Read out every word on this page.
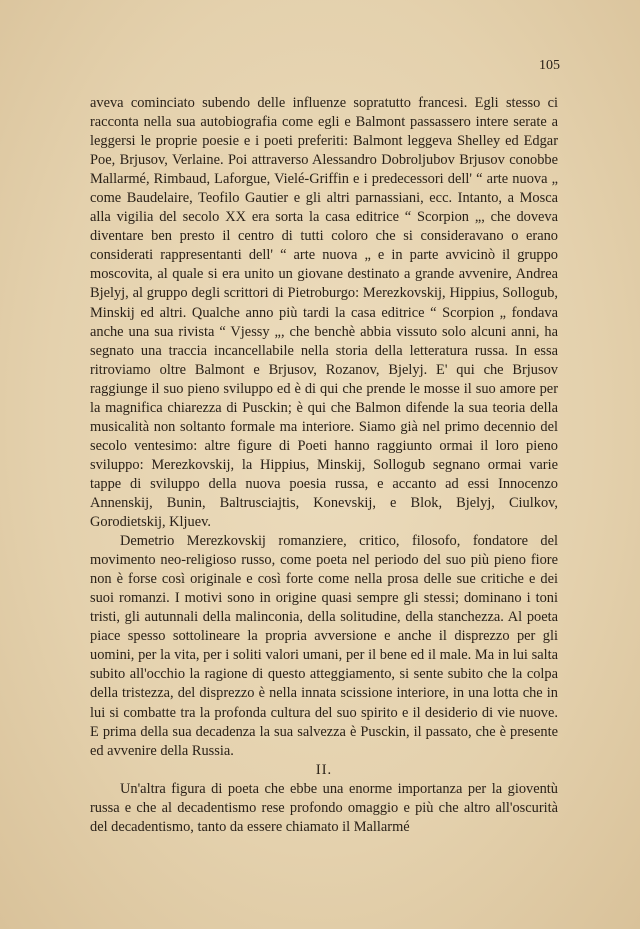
105

aveva cominciato subendo delle influenze sopratutto francesi. Egli stesso ci racconta nella sua autobiografia come egli e Balmont passassero intere serate a leggersi le proprie poesie e i poeti preferiti: Balmont leggeva Shelley ed Edgar Poe, Brjusov, Verlaine. Poi attraverso Alessandro Dobroljubov Brjusov conobbe Mallarmé, Rimbaud, Laforgue, Vielé-Griffin e i predecessori dell' “ arte nuova „ come Baudelaire, Teofilo Gautier e gli altri parnassiani, ecc. Intanto, a Mosca alla vigilia del secolo XX era sorta la casa editrice “ Scorpion „, che doveva diventare ben presto il centro di tutti coloro che si consideravano o erano considerati rappresentanti dell' “ arte nuova „ e in parte avvicinò il gruppo moscovita, al quale si era unito un giovane destinato a grande avvenire, Andrea Bjelyj, al gruppo degli scrittori di Pietroburgo: Merezkovskij, Hippius, Sollogub, Minskij ed altri. Qualche anno più tardi la casa editrice “ Scorpion „ fondava anche una sua rivista “ Vjessy „, che benchè abbia vissuto solo alcuni anni, ha segnato una traccia incancellabile nella storia della letteratura russa. In essa ritroviamo oltre Balmont e Brjusov, Rozanov, Bjelyj. E' qui che Brjusov raggiunge il suo pieno sviluppo ed è di qui che prende le mosse il suo amore per la magnifica chiarezza di Pusckin; è qui che Balmon difende la sua teoria della musicalità non soltanto formale ma interiore. Siamo già nel primo decennio del secolo ventesimo: altre figure di Poeti hanno raggiunto ormai il loro pieno sviluppo: Merezkovskij, la Hippius, Minskij, Sollogub segnano ormai varie tappe di sviluppo della nuova poesia russa, e accanto ad essi Innocenzo Annenskij, Bunin, Baltrusciajtis, Konevskij, e Blok, Bjelyj, Ciulkov, Gorodietskij, Kljuev.

Demetrio Merezkovskij romanziere, critico, filosofo, fondatore del movimento neo-religioso russo, come poeta nel periodo del suo più pieno fiore non è forse così originale e così forte come nella prosa delle sue critiche e dei suoi romanzi. I motivi sono in origine quasi sempre gli stessi; dominano i toni tristi, gli autunnali della malinconia, della solitudine, della stanchezza. Al poeta piace spesso sottolineare la propria avversione e anche il disprezzo per gli uomini, per la vita, per i soliti valori umani, per il bene ed il male. Ma in lui salta subito all'occhio la ragione di questo atteggiamento, si sente subito che la colpa della tristezza, del disprezzo è nella innata scissione interiore, in una lotta che in lui si combatte tra la profonda cultura del suo spirito e il desiderio di vie nuove. E prima della sua decadenza la sua salvezza è Pusckin, il passato, che è presente ed avvenire della Russia.

II.

Un'altra figura di poeta che ebbe una enorme importanza per la gioventù russa e che al decadentismo rese profondo omaggio e più che altro all'oscurità del decadentismo, tanto da essere chiamato il Mallarmé
